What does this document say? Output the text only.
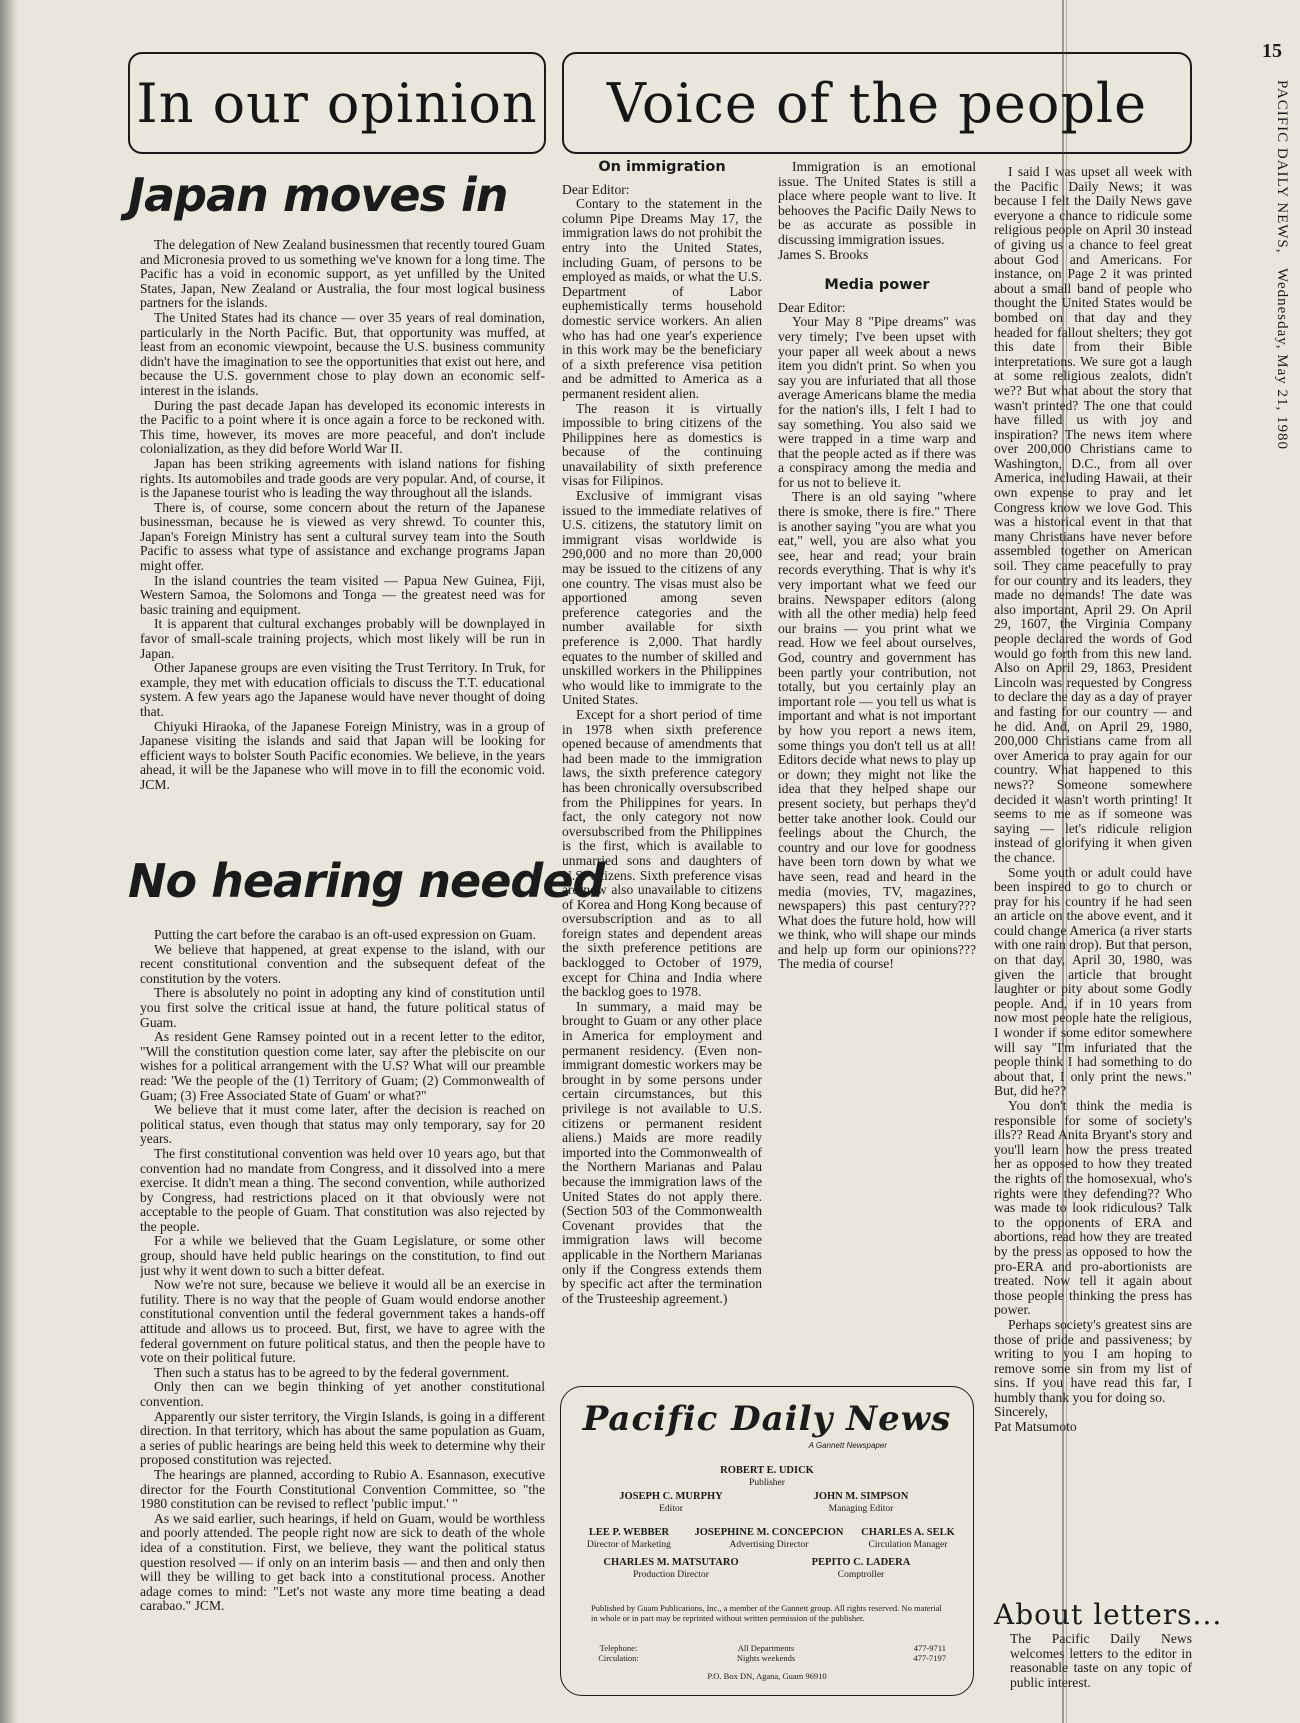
15
PACIFIC DAILY NEWS, Wednesday, May 21, 1980
In our opinion	Voice of the people
Japan moves in

The delegation of New Zealand businessmen that recently toured Guam and Micronesia proved to us something we've known for a long time. The Pacific has a void in economic support, as yet unfilled by the United States, Japan, New Zealand or Australia, the four most logical business partners for the islands.

The United States had its chance — over 35 years of real domination, particularly in the North Pacific. But, that opportunity was muffed, at least from an economic viewpoint, because the U.S. business community didn't have the imagination to see the opportunities that exist out here, and because the U.S. government chose to play down an economic self-interest in the islands.

During the past decade Japan has developed its economic interests in the Pacific to a point where it is once again a force to be reckoned with. This time, however, its moves are more peaceful, and don't include colonialization, as they did before World War II.

Japan has been striking agreements with island nations for fishing rights. Its automobiles and trade goods are very popular. And, of course, it is the Japanese tourist who is leading the way throughout all the islands.

There is, of course, some concern about the return of the Japanese businessman, because he is viewed as very shrewd. To counter this, Japan's Foreign Ministry has sent a cultural survey team into the South Pacific to assess what type of assistance and exchange programs Japan might offer.

In the island countries the team visited — Papua New Guinea, Fiji, Western Samoa, the Solomons and Tonga — the greatest need was for basic training and equipment.

It is apparent that cultural exchanges probably will be downplayed in favor of small-scale training projects, which most likely will be run in Japan.

Other Japanese groups are even visiting the Trust Territory. In Truk, for example, they met with education officials to discuss the T.T. educational system. A few years ago the Japanese would have never thought of doing that.

Chiyuki Hiraoka, of the Japanese Foreign Ministry, was in a group of Japanese visiting the islands and said that Japan will be looking for efficient ways to bolster South Pacific economies. We believe, in the years ahead, it will be the Japanese who will move in to fill the economic void. JCM.

No hearing needed

Putting the cart before the carabao is an oft-used expression on Guam.

We believe that happened, at great expense to the island, with our recent constitutional convention and the subsequent defeat of the constitution by the voters.

There is absolutely no point in adopting any kind of constitution until you first solve the critical issue at hand, the future political status of Guam.

As resident Gene Ramsey pointed out in a recent letter to the editor, "Will the constitution question come later, say after the plebiscite on our wishes for a political arrangement with the U.S? What will our preamble read: 'We the people of the (1) Territory of Guam; (2) Commonwealth of Guam; (3) Free Associated State of Guam' or what?"

We believe that it must come later, after the decision is reached on political status, even though that status may only temporary, say for 20 years.

The first constitutional convention was held over 10 years ago, but that convention had no mandate from Congress, and it dissolved into a mere exercise. It didn't mean a thing. The second convention, while authorized by Congress, had restrictions placed on it that obviously were not acceptable to the people of Guam. That constitution was also rejected by the people.

For a while we believed that the Guam Legislature, or some other group, should have held public hearings on the constitution, to find out just why it went down to such a bitter defeat.

Now we're not sure, because we believe it would all be an exercise in futility. There is no way that the people of Guam would endorse another constitutional convention until the federal government takes a hands-off attitude and allows us to proceed. But, first, we have to agree with the federal government on future political status, and then the people have to vote on their political future.

Then such a status has to be agreed to by the federal government.

Only then can we begin thinking of yet another constitutional convention.

Apparently our sister territory, the Virgin Islands, is going in a different direction. In that territory, which has about the same population as Guam, a series of public hearings are being held this week to determine why their proposed constitution was rejected.

The hearings are planned, according to Rubio A. Esannason, executive director for the Fourth Constitutional Convention Committee, so "the 1980 constitution can be revised to reflect 'public imput.' "

As we said earlier, such hearings, if held on Guam, would be worthless and poorly attended. The people right now are sick to death of the whole idea of a constitution. First, we believe, they want the political status question resolved — if only on an interim basis — and then and only then will they be willing to get back into a constitutional process. Another adage comes to mind: "Let's not waste any more time beating a dead carabao." JCM.

On immigration

Dear Editor:

Contary to the statement in the column Pipe Dreams May 17, the immigration laws do not prohibit the entry into the United States, including Guam, of persons to be employed as maids, or what the U.S. Department of Labor euphemistically terms household domestic service workers. An alien who has had one year's experience in this work may be the beneficiary of a sixth preference visa petition and be admitted to America as a permanent resident alien.

The reason it is virtually impossible to bring citizens of the Philippines here as domestics is because of the continuing unavailability of sixth preference visas for Filipinos.

Exclusive of immigrant visas issued to the immediate relatives of U.S. citizens, the statutory limit on immigrant visas worldwide is 290,000 and no more than 20,000 may be issued to the citizens of any one country. The visas must also be apportioned among seven preference categories and the number available for sixth preference is 2,000. That hardly equates to the number of skilled and unskilled workers in the Philippines who would like to immigrate to the United States.

Except for a short period of time in 1978 when sixth preference opened because of amendments that had been made to the immigration laws, the sixth preference category has been chronically oversubscribed from the Philippines for years. In fact, the only category not now oversubscribed from the Philippines is the first, which is available to unmarried sons and daughters of U.S. citizens. Sixth preference visas are now also unavailable to citizens of Korea and Hong Kong because of oversubscription and as to all foreign states and dependent areas the sixth preference petitions are backlogged to October of 1979, except for China and India where the backlog goes to 1978.

In summary, a maid may be brought to Guam or any other place in America for employment and permanent residency. (Even non-immigrant domestic workers may be brought in by some persons under certain circumstances, but this privilege is not available to U.S. citizens or permanent resident aliens.) Maids are more readily imported into the Commonwealth of the Northern Marianas and Palau because the immigration laws of the United States do not apply there. (Section 503 of the Commonwealth Covenant provides that the immigration laws will become applicable in the Northern Marianas only if the Congress extends them by specific act after the termination of the Trusteeship agreement.)

Immigration is an emotional issue. The United States is still a place where people want to live. It behooves the Pacific Daily News to be as accurate as possible in discussing immigration issues.

James S. Brooks

Media power

Dear Editor:

Your May 8 "Pipe dreams" was very timely; I've been upset with your paper all week about a news item you didn't print. So when you say you are infuriated that all those average Americans blame the media for the nation's ills, I felt I had to say something. You also said we were trapped in a time warp and that the people acted as if there was a conspiracy among the media and for us not to believe it.

There is an old saying "where there is smoke, there is fire." There is another saying "you are what you eat," well, you are also what you see, hear and read; your brain records everything. That is why it's very important what we feed our brains. Newspaper editors (along with all the other media) help feed our brains — you print what we read. How we feel about ourselves, God, country and government has been partly your contribution, not totally, but you certainly play an important role — you tell us what is important and what is not important by how you report a news item, some things you don't tell us at all! Editors decide what news to play up or down; they might not like the idea that they helped shape our present society, but perhaps they'd better take another look. Could our feelings about the Church, the country and our love for goodness have been torn down by what we have seen, read and heard in the media (movies, TV, magazines, newspapers) this past century??? What does the future hold, how will we think, who will shape our minds and help up form our opinions??? The media of course!

I said I was upset all week with the Pacific Daily News; it was because I felt the Daily News gave everyone a chance to ridicule some religious people on April 30 instead of giving us a chance to feel great about God and Americans. For instance, on Page 2 it was printed about a small band of people who thought the United States would be bombed on that day and they headed for fallout shelters; they got this date from their Bible interpretations. We sure got a laugh at some religious zealots, didn't we?? But what about the story that wasn't printed? The one that could have filled us with joy and inspiration? The news item where over 200,000 Christians came to Washington, D.C., from all over America, including Hawaii, at their own expense to pray and let Congress know we love God. This was a historical event in that that many Christians have never before assembled together on American soil. They came peacefully to pray for our country and its leaders, they made no demands! The date was also important, April 29. On April 29, 1607, the Virginia Company people declared the words of God would go forth from this new land. Also on April 29, 1863, President Lincoln was requested by Congress to declare the day as a day of prayer and fasting for our country — and he did. And, on April 29, 1980, 200,000 Christians came from all over America to pray again for our country. What happened to this news?? Someone somewhere decided it wasn't worth printing! It seems to me as if someone was saying — let's ridicule religion instead of glorifying it when given the chance.

Some youth or adult could have been inspired to go to church or pray for his country if he had seen an article on the above event, and it could change America (a river starts with one rain drop). But that person, on that day, April 30, 1980, was given the article that brought laughter or pity about some Godly people. And, if in 10 years from now most people hate the religious, I wonder if some editor somewhere will say "I'm infuriated that the people think I had something to do about that, I only print the news." But, did he??

You don't think the media is responsible for some of society's ills?? Read Anita Bryant's story and you'll learn how the press treated her as opposed to how they treated the rights of the homosexual, who's rights were they defending?? Who was made to look ridiculous? Talk to the opponents of ERA and abortions, read how they are treated by the press as opposed to how the pro-ERA and pro-abortionists are treated. Now tell it again about those people thinking the press has power.

Perhaps society's greatest sins are those of pride and passiveness; by writing to you I am hoping to remove some sin from my list of sins. If you have read this far, I humbly thank you for doing so.

Sincerely,

Pat Matsumoto

Pacific Daily News
A Gannett Newspaper
ROBERT E. UDICK
Publisher
JOSEPH C. MURPHY
Editor
JOHN M. SIMPSON
Managing Editor
LEE P. WEBBER
Director of Marketing
JOSEPHINE M. CONCEPCION
Advertising Director
CHARLES A. SELK
Circulation Manager
CHARLES M. MATSUTARO
Production Director
PEPITO C. LADERA
Comptroller
Published by Guam Publications, Inc., a member of the Gannett group. All rights reserved. No material in whole or in part may be reprinted without written permission of the publisher.
Telephone:	All Departments	477-9711
Circulation:	Nights weekends	477-7197
P.O. Box DN, Agana, Guam 96910
About letters...
The Pacific Daily News welcomes letters to the editor in reasonable taste on any topic of public interest.
